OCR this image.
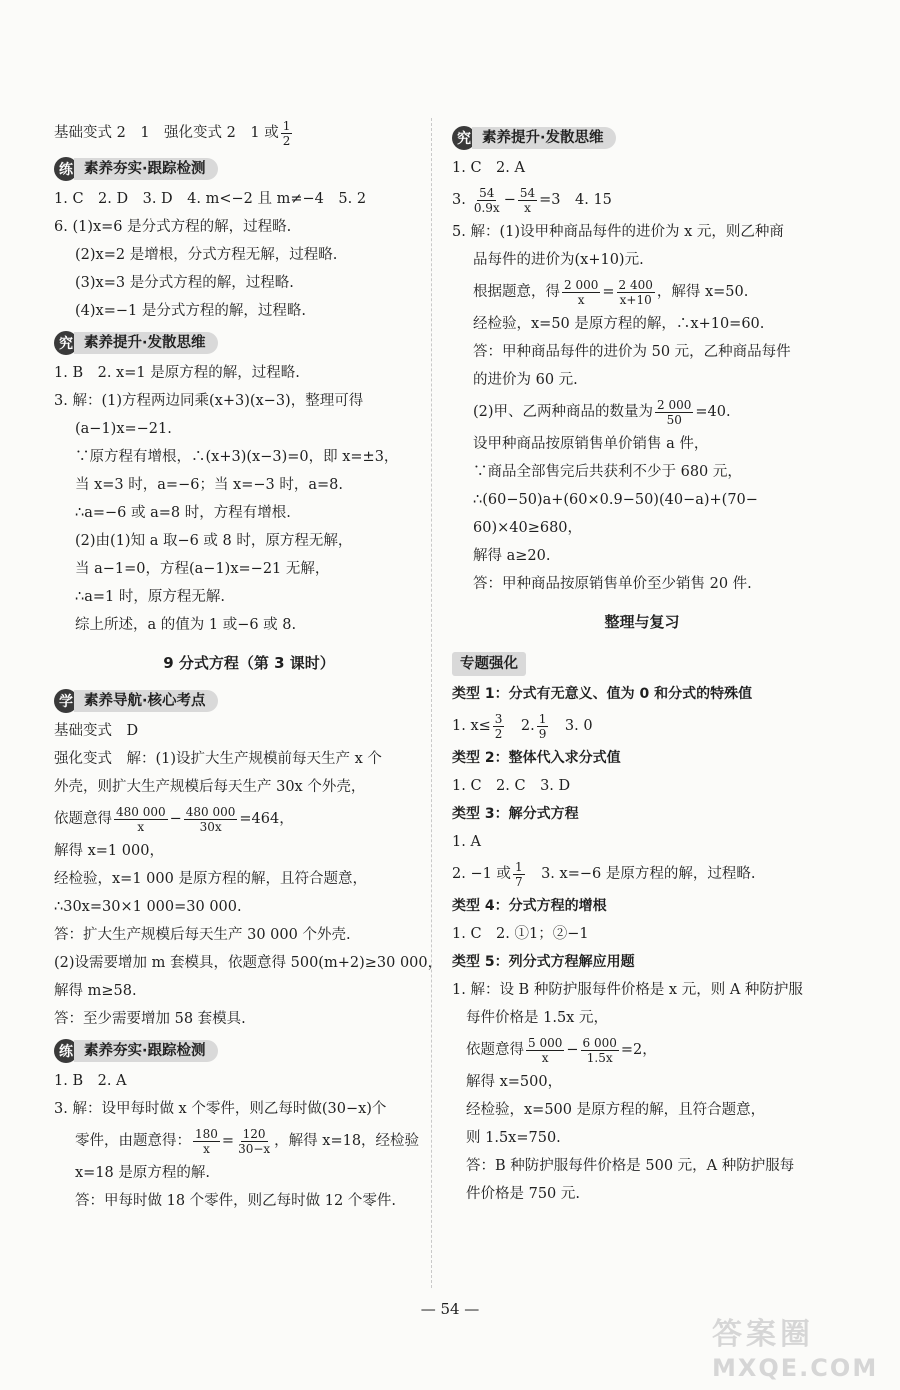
基础变式 2　1　强化变式 2　1 或 $\frac{1}{2}$
练 素养夯实·跟踪检测
1. C　2. D　3. D　4. m<−2 且 m≠−4　5. 2
6. (1)x=6 是分式方程的解，过程略.
(2)x=2 是增根，分式方程无解，过程略.
(3)x=3 是分式方程的解，过程略.
(4)x=−1 是分式方程的解，过程略.
究 素养提升·发散思维
1. B　2. x=1 是原方程的解，过程略.
3. 解：(1)方程两边同乘(x+3)(x−3)，整理可得
(a−1)x=−21.
∵原方程有增根，∴(x+3)(x−3)=0，即 x=±3，
当 x=3 时，a=−6；当 x=−3 时，a=8.
∴a=−6 或 a=8 时，方程有增根.
(2)由(1)知 a 取−6 或 8 时，原方程无解，
当 a−1=0，方程(a−1)x=−21 无解，
∴a=1 时，原方程无解.
综上所述，a 的值为 1 或−6 或 8.
9 分式方程（第 3 课时）
学 素养导航·核心考点
基础变式　D
强化变式　解：(1)设扩大生产规模前每天生产 x 个
外壳，则扩大生产规模后每天生产 30x 个外壳，
依题意得 $\frac{480 000}{x} - \frac{480 000}{30x} =464$，
解得 x=1 000，
经检验，x=1 000 是原方程的解，且符合题意，
∴30x=30×1 000=30 000.
答：扩大生产规模后每天生产 30 000 个外壳.
(2)设需要增加 m 套模具，依题意得 500(m+2)≥30 000，
解得 m≥58.
答：至少需要增加 58 套模具.
练 素养夯实·跟踪检测
1. B　2. A
3. 解：设甲每时做 x 个零件，则乙每时做(30−x)个
零件，由题意得： $\frac{180}{x} = \frac{120}{30-x}$ ，解得 x=18，经检验
x=18 是原方程的解.
答：甲每时做 18 个零件，则乙每时做 12 个零件.
究 素养提升·发散思维
1. C　2. A
3. $\frac{54}{0.9x} - \frac{54}{x} =3$　4. 15
5. 解：(1)设甲种商品每件的进价为 x 元，则乙种商
品每件的进价为(x+10)元.
根据题意，得 $\frac{2 000}{x} = \frac{2 400}{x+10}$ ，解得 x=50.
经检验，x=50 是原方程的解，∴x+10=60.
答：甲种商品每件的进价为 50 元，乙种商品每件
的进价为 60 元.
(2)甲、乙两种商品的数量为 $\frac{2 000}{50} =40$.
设甲种商品按原销售单价销售 a 件，
∵商品全部售完后共获利不少于 680 元，
∴(60−50)a+(60×0.9−50)(40−a)+(70−
60)×40≥680，
解得 a≥20.
答：甲种商品按原销售单价至少销售 20 件.
整理与复习
专题强化
类型 1：分式有无意义、值为 0 和分式的特殊值
1. $x\le \frac{3}{2}$ 　2. $\frac{1}{9}$ 　3. 0
类型 2：整体代入求分式值
1. C　2. C　3. D
类型 3：解分式方程
1. A
2. −1 或 $\frac{1}{7}$ 　3. x=−6 是原方程的解，过程略.
类型 4：分式方程的增根
1. C　2. ①1；②−1
类型 5：列分式方程解应用题
1. 解：设 B 种防护服每件价格是 x 元，则 A 种防护服
每件价格是 1.5x 元，
依题意得 $\frac{5 000}{x} - \frac{6 000}{1.5x} =2$，
解得 x=500，
经检验，x=500 是原方程的解，且符合题意，
则 1.5x=750.
答：B 种防护服每件价格是 500 元，A 种防护服每
件价格是 750 元.
— 54 —
答案圈
MXQE.COM
